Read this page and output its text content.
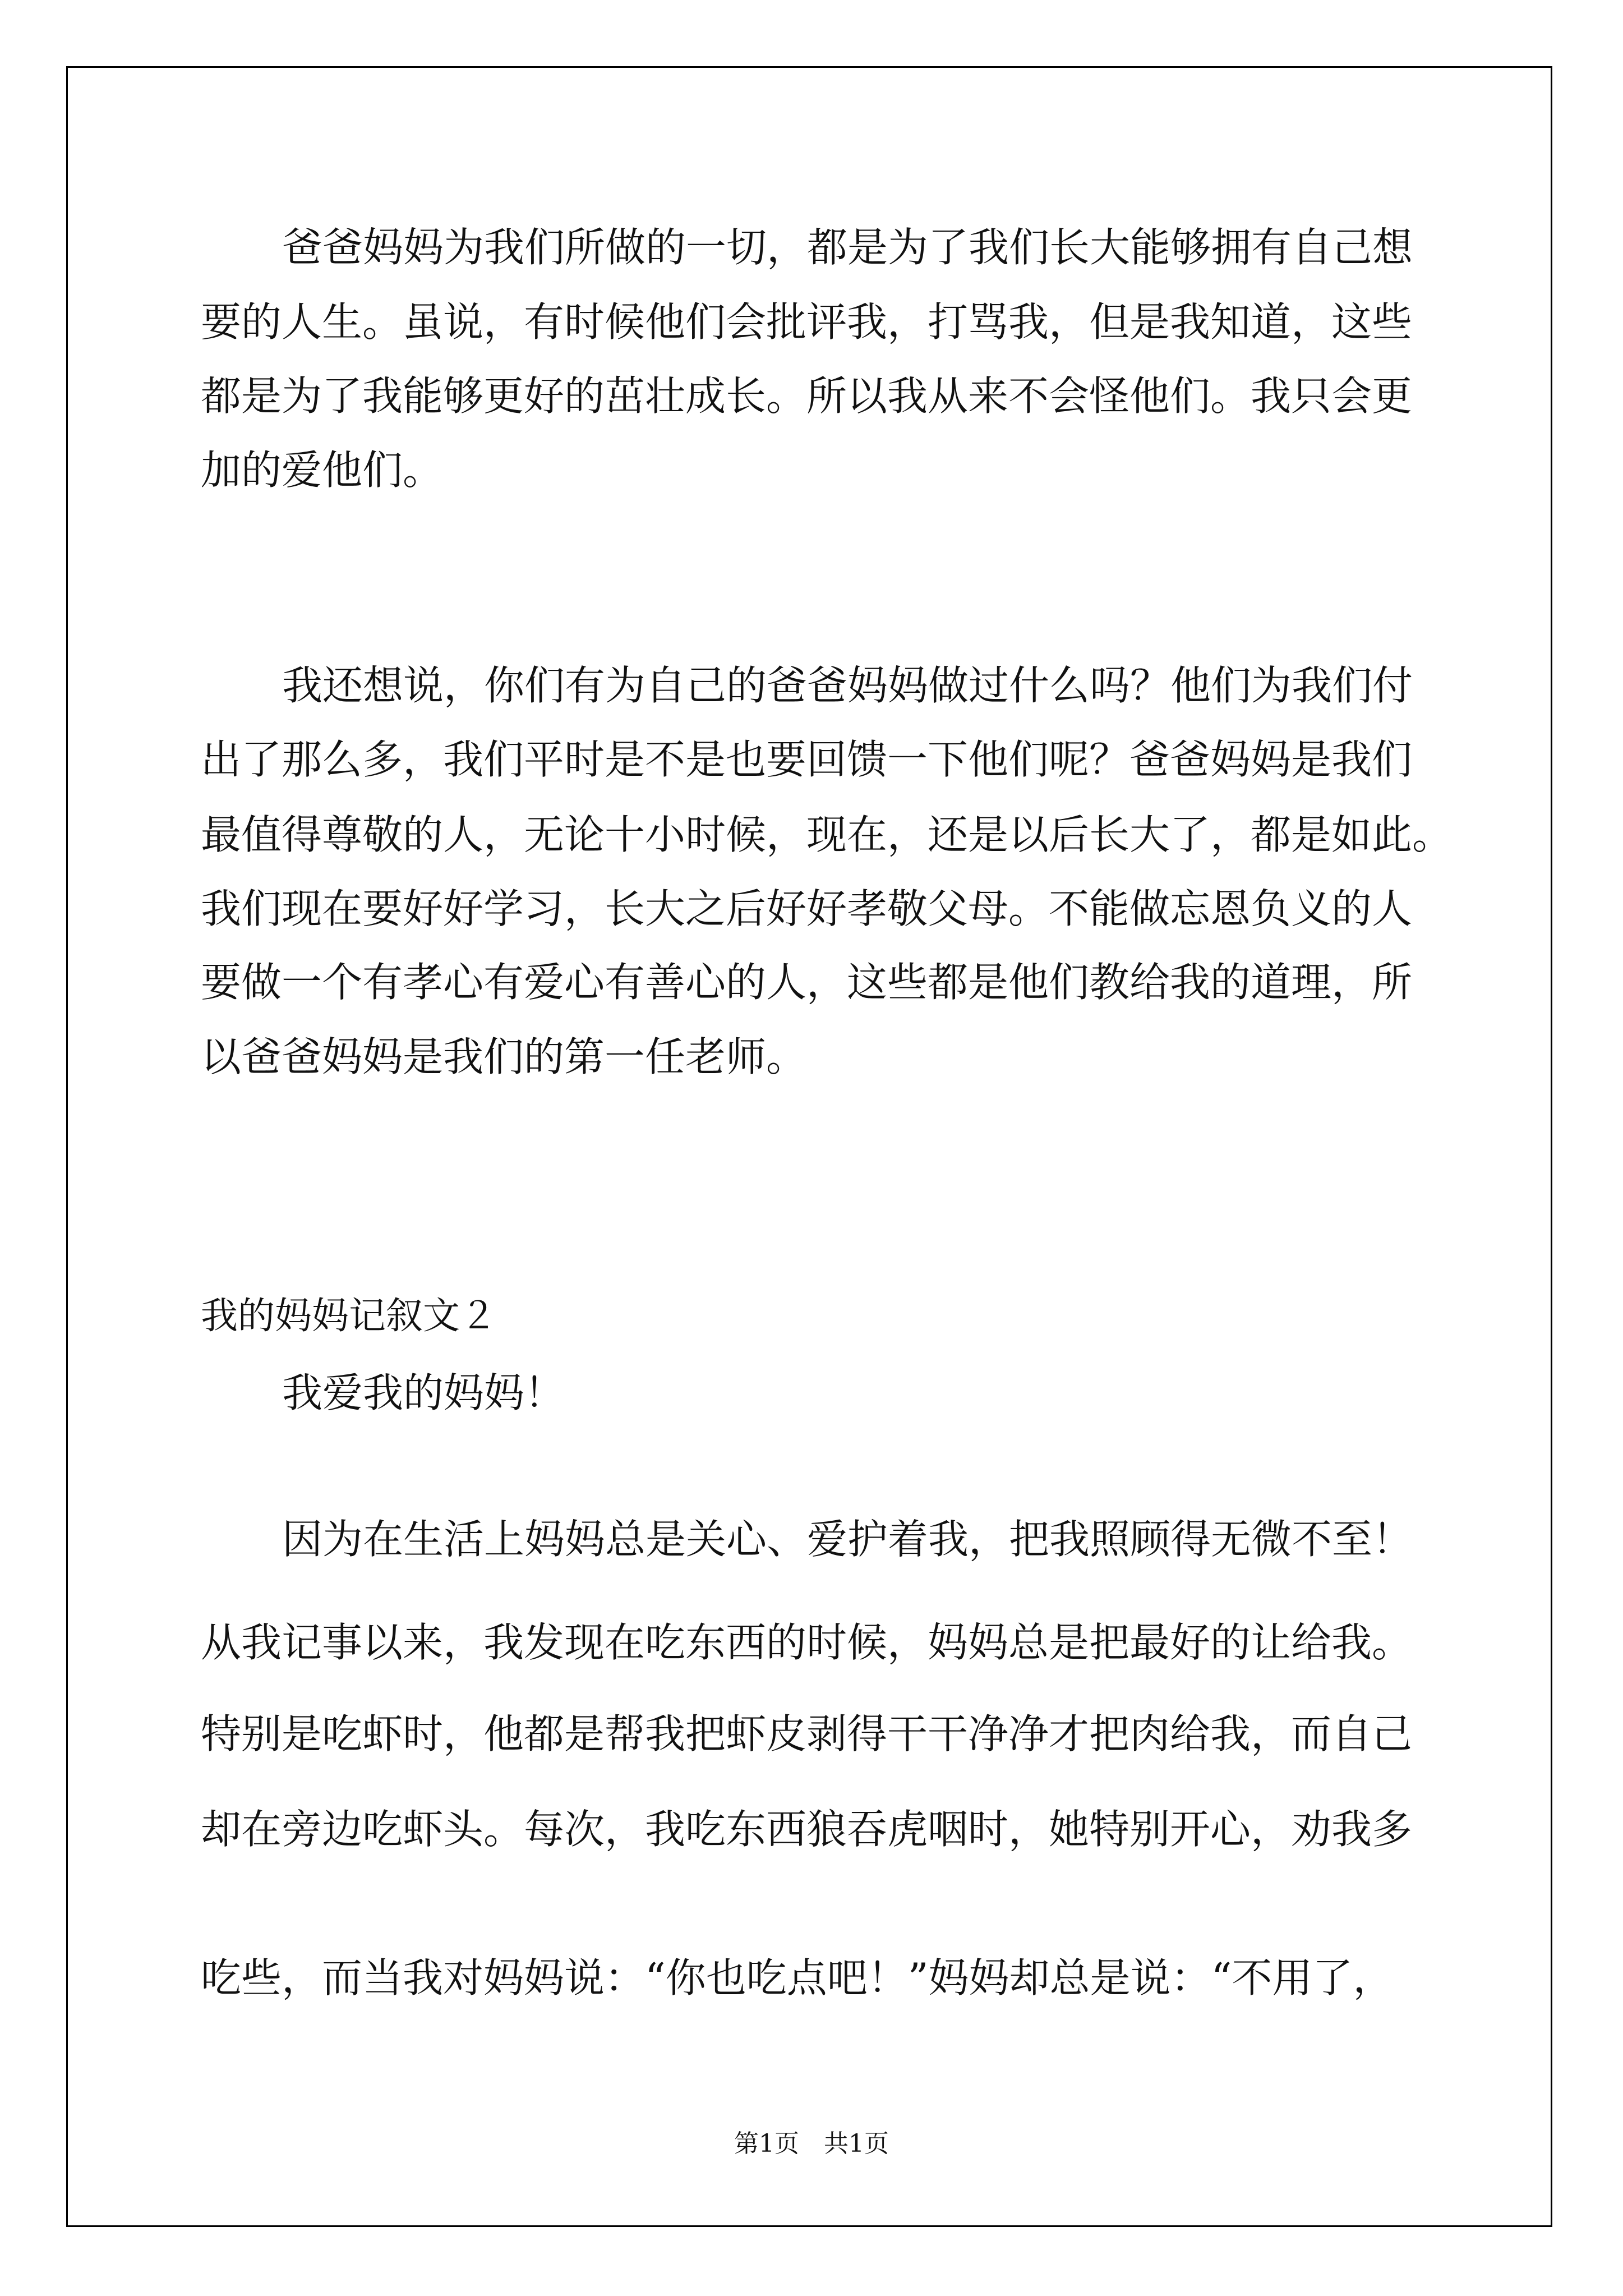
爸爸妈妈为我们所做的一切，都是为了我们长大能够拥有自己想

要的人生。虽说，有时候他们会批评我，打骂我，但是我知道，这些

都是为了我能够更好的茁壮成长。所以我从来不会怪他们。我只会更

加的爱他们。

我还想说，你们有为自己的爸爸妈妈做过什么吗？他们为我们付

出了那么多，我们平时是不是也要回馈一下他们呢？爸爸妈妈是我们

最值得尊敬的人，无论十小时候，现在，还是以后长大了，都是如此。

我们现在要好好学习，长大之后好好孝敬父母。不能做忘恩负义的人

要做一个有孝心有爱心有善心的人，这些都是他们教给我的道理，所

以爸爸妈妈是我们的第一任老师。

我的妈妈记叙文２

我爱我的妈妈！

因为在生活上妈妈总是关心、爱护着我，把我照顾得无微不至！

从我记事以来，我发现在吃东西的时候，妈妈总是把最好的让给我。

特别是吃虾时，他都是帮我把虾皮剥得干干净净才把肉给我，而自己

却在旁边吃虾头。每次，我吃东西狼吞虎咽时，她特别开心，劝我多

吃些，而当我对妈妈说：“你也吃点吧！”妈妈却总是说：“不用了，

第1页　共1页
